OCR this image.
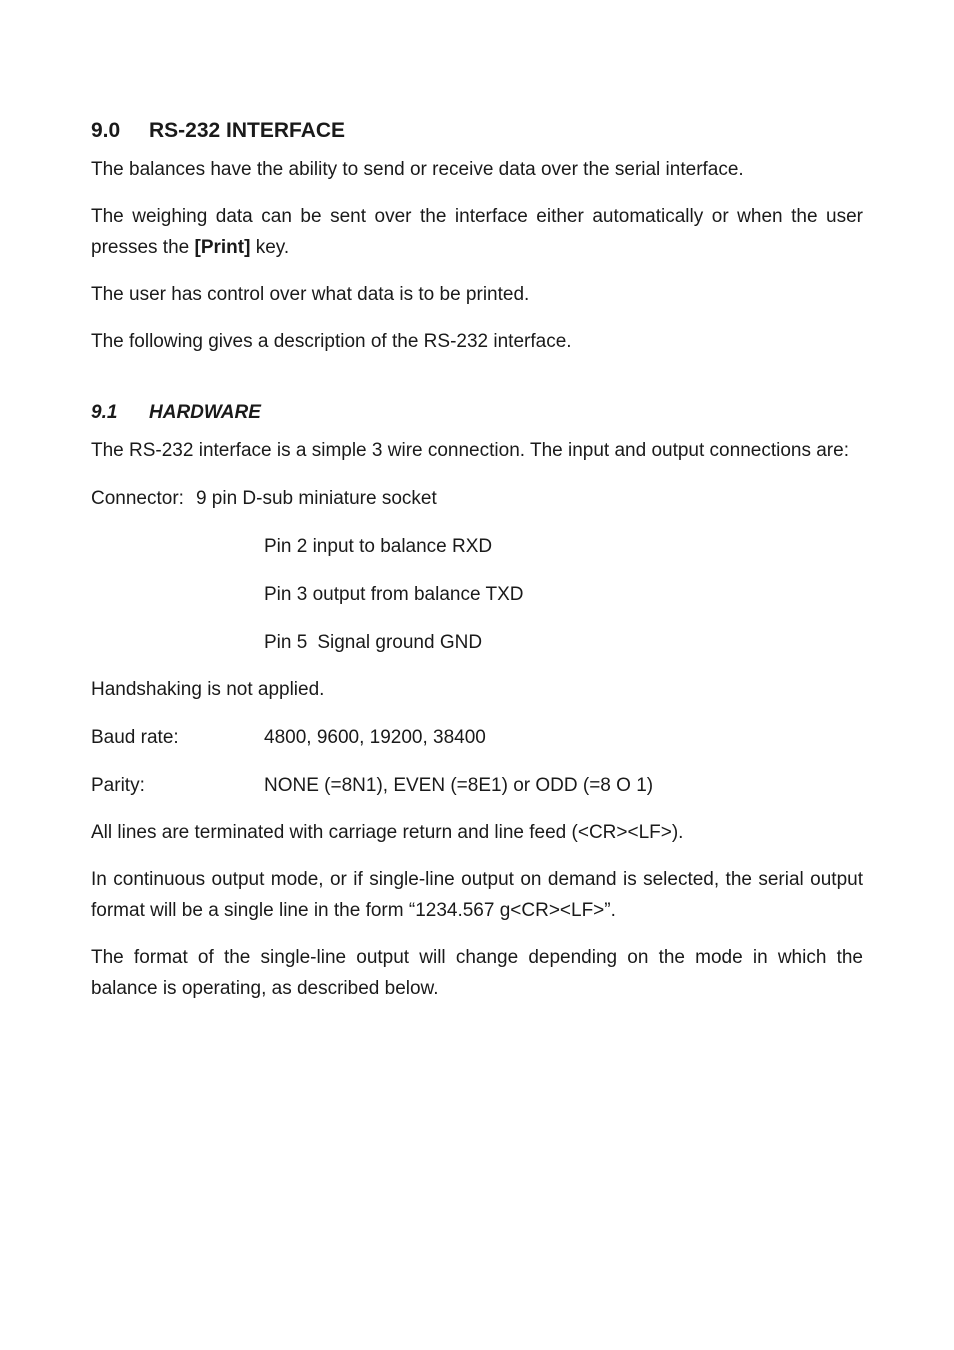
9.0 RS-232 INTERFACE

The balances have the ability to send or receive data over the serial interface.

The weighing data can be sent over the interface either automatically or when the user presses the [Print] key.

The user has control over what data is to be printed.

The following gives a description of the RS-232 interface.

9.1 HARDWARE

The RS-232 interface is a simple 3 wire connection. The input and output connections are:

Connector: 9 pin D-sub miniature socket
Pin 2 input to balance RXD
Pin 3 output from balance TXD
Pin 5 Signal ground GND

Handshaking is not applied.

Baud rate:	4800, 9600, 19200, 38400
Parity:	NONE (=8N1), EVEN (=8E1) or ODD (=8 O 1)

All lines are terminated with carriage return and line feed (<CR><LF>).

In continuous output mode, or if single-line output on demand is selected, the serial output format will be a single line in the form “1234.567 g<CR><LF>”.

The format of the single-line output will change depending on the mode in which the balance is operating, as described below.
